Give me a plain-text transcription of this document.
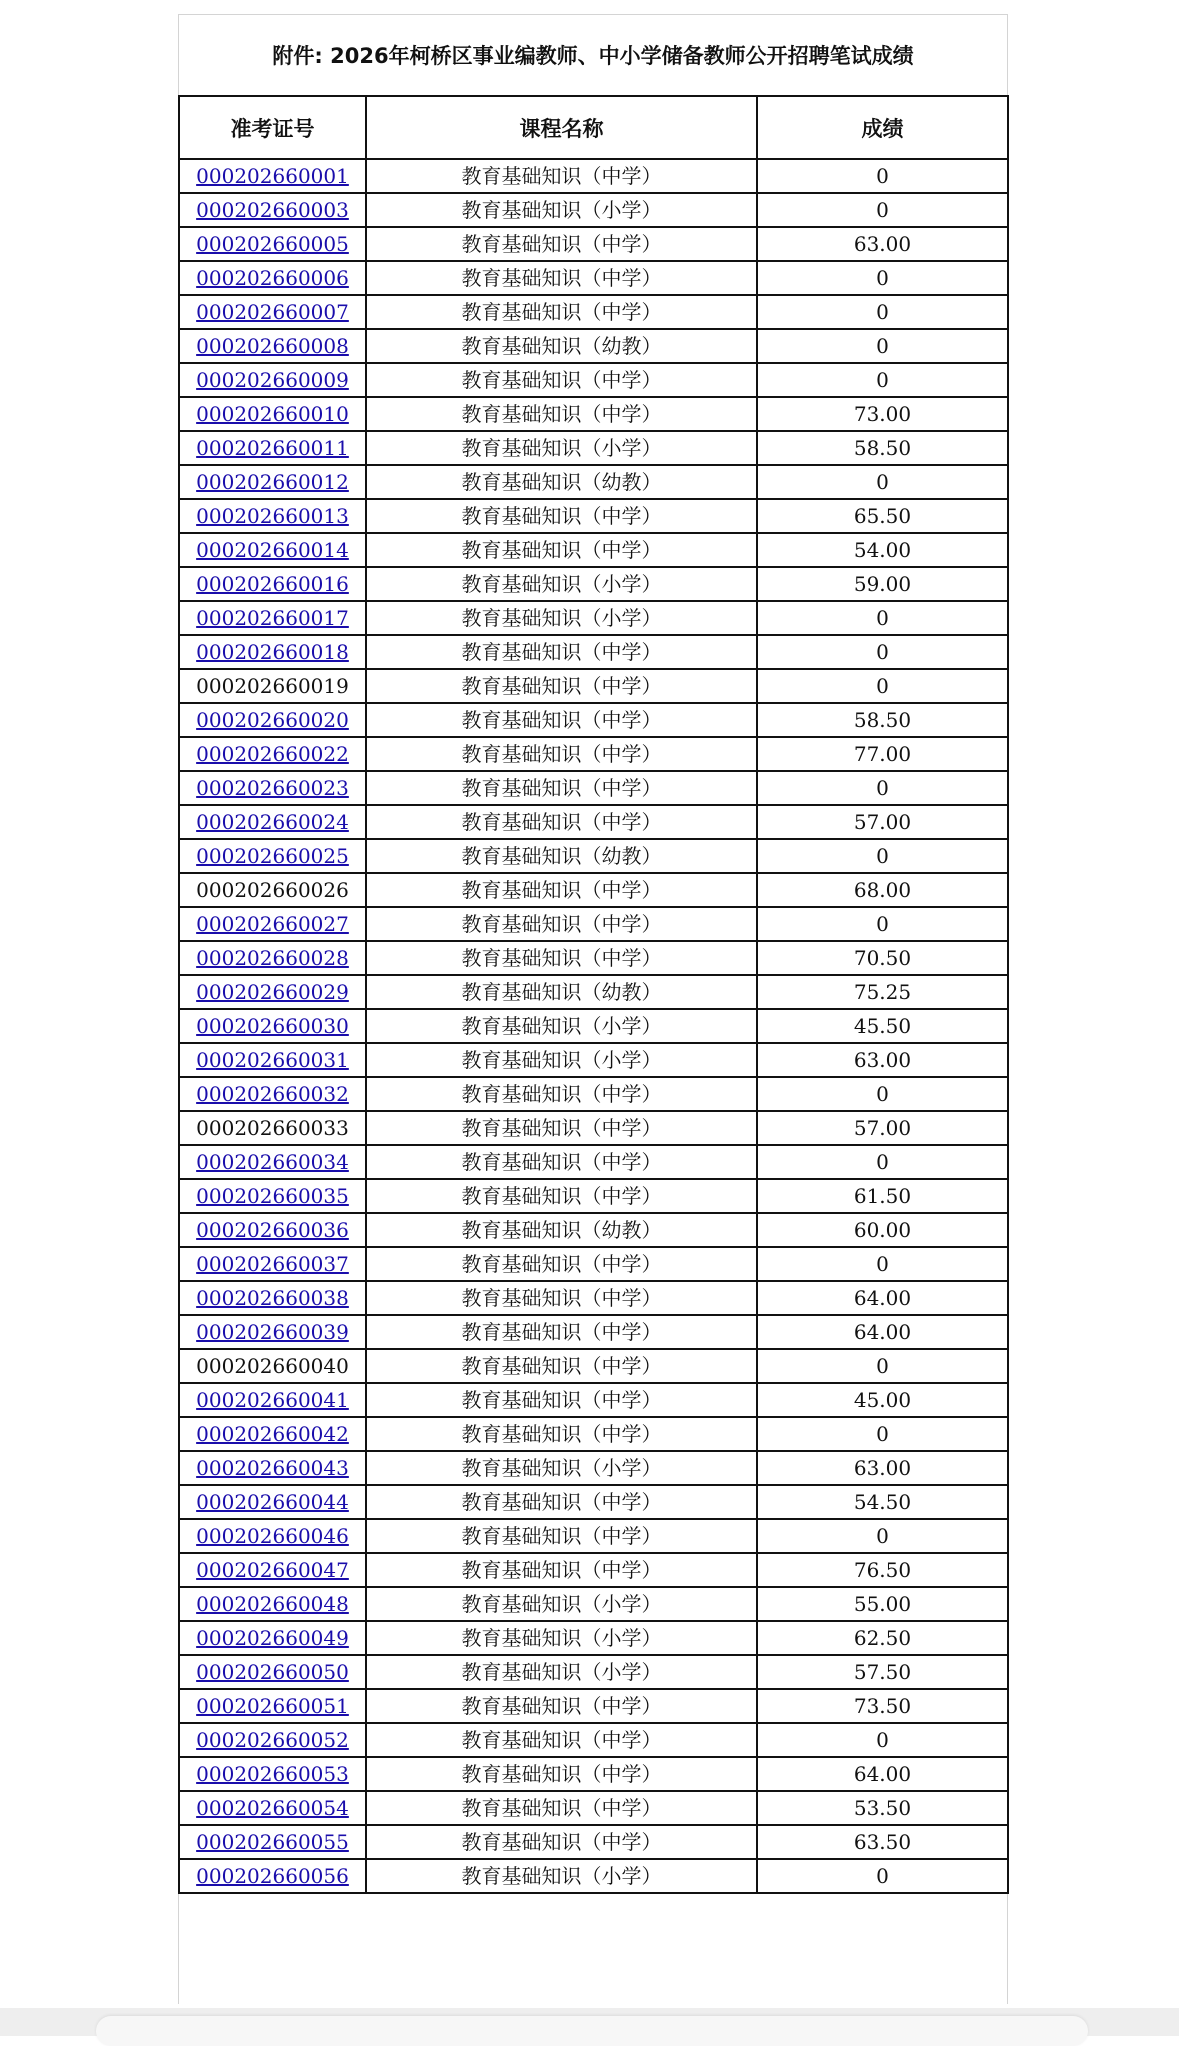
附件: 2026年柯桥区事业编教师、中小学储备教师公开招聘笔试成绩
准考证号	课程名称	成绩
000202660001	教育基础知识（中学）	0
000202660003	教育基础知识（小学）	0
000202660005	教育基础知识（中学）	63.00
000202660006	教育基础知识（中学）	0
000202660007	教育基础知识（中学）	0
000202660008	教育基础知识（幼教）	0
000202660009	教育基础知识（中学）	0
000202660010	教育基础知识（中学）	73.00
000202660011	教育基础知识（小学）	58.50
000202660012	教育基础知识（幼教）	0
000202660013	教育基础知识（中学）	65.50
000202660014	教育基础知识（中学）	54.00
000202660016	教育基础知识（小学）	59.00
000202660017	教育基础知识（小学）	0
000202660018	教育基础知识（中学）	0
000202660019	教育基础知识（中学）	0
000202660020	教育基础知识（中学）	58.50
000202660022	教育基础知识（中学）	77.00
000202660023	教育基础知识（中学）	0
000202660024	教育基础知识（中学）	57.00
000202660025	教育基础知识（幼教）	0
000202660026	教育基础知识（中学）	68.00
000202660027	教育基础知识（中学）	0
000202660028	教育基础知识（中学）	70.50
000202660029	教育基础知识（幼教）	75.25
000202660030	教育基础知识（小学）	45.50
000202660031	教育基础知识（小学）	63.00
000202660032	教育基础知识（中学）	0
000202660033	教育基础知识（中学）	57.00
000202660034	教育基础知识（中学）	0
000202660035	教育基础知识（中学）	61.50
000202660036	教育基础知识（幼教）	60.00
000202660037	教育基础知识（中学）	0
000202660038	教育基础知识（中学）	64.00
000202660039	教育基础知识（中学）	64.00
000202660040	教育基础知识（中学）	0
000202660041	教育基础知识（中学）	45.00
000202660042	教育基础知识（中学）	0
000202660043	教育基础知识（小学）	63.00
000202660044	教育基础知识（中学）	54.50
000202660046	教育基础知识（中学）	0
000202660047	教育基础知识（中学）	76.50
000202660048	教育基础知识（小学）	55.00
000202660049	教育基础知识（小学）	62.50
000202660050	教育基础知识（小学）	57.50
000202660051	教育基础知识（中学）	73.50
000202660052	教育基础知识（中学）	0
000202660053	教育基础知识（中学）	64.00
000202660054	教育基础知识（中学）	53.50
000202660055	教育基础知识（中学）	63.50
000202660056	教育基础知识（小学）	0
